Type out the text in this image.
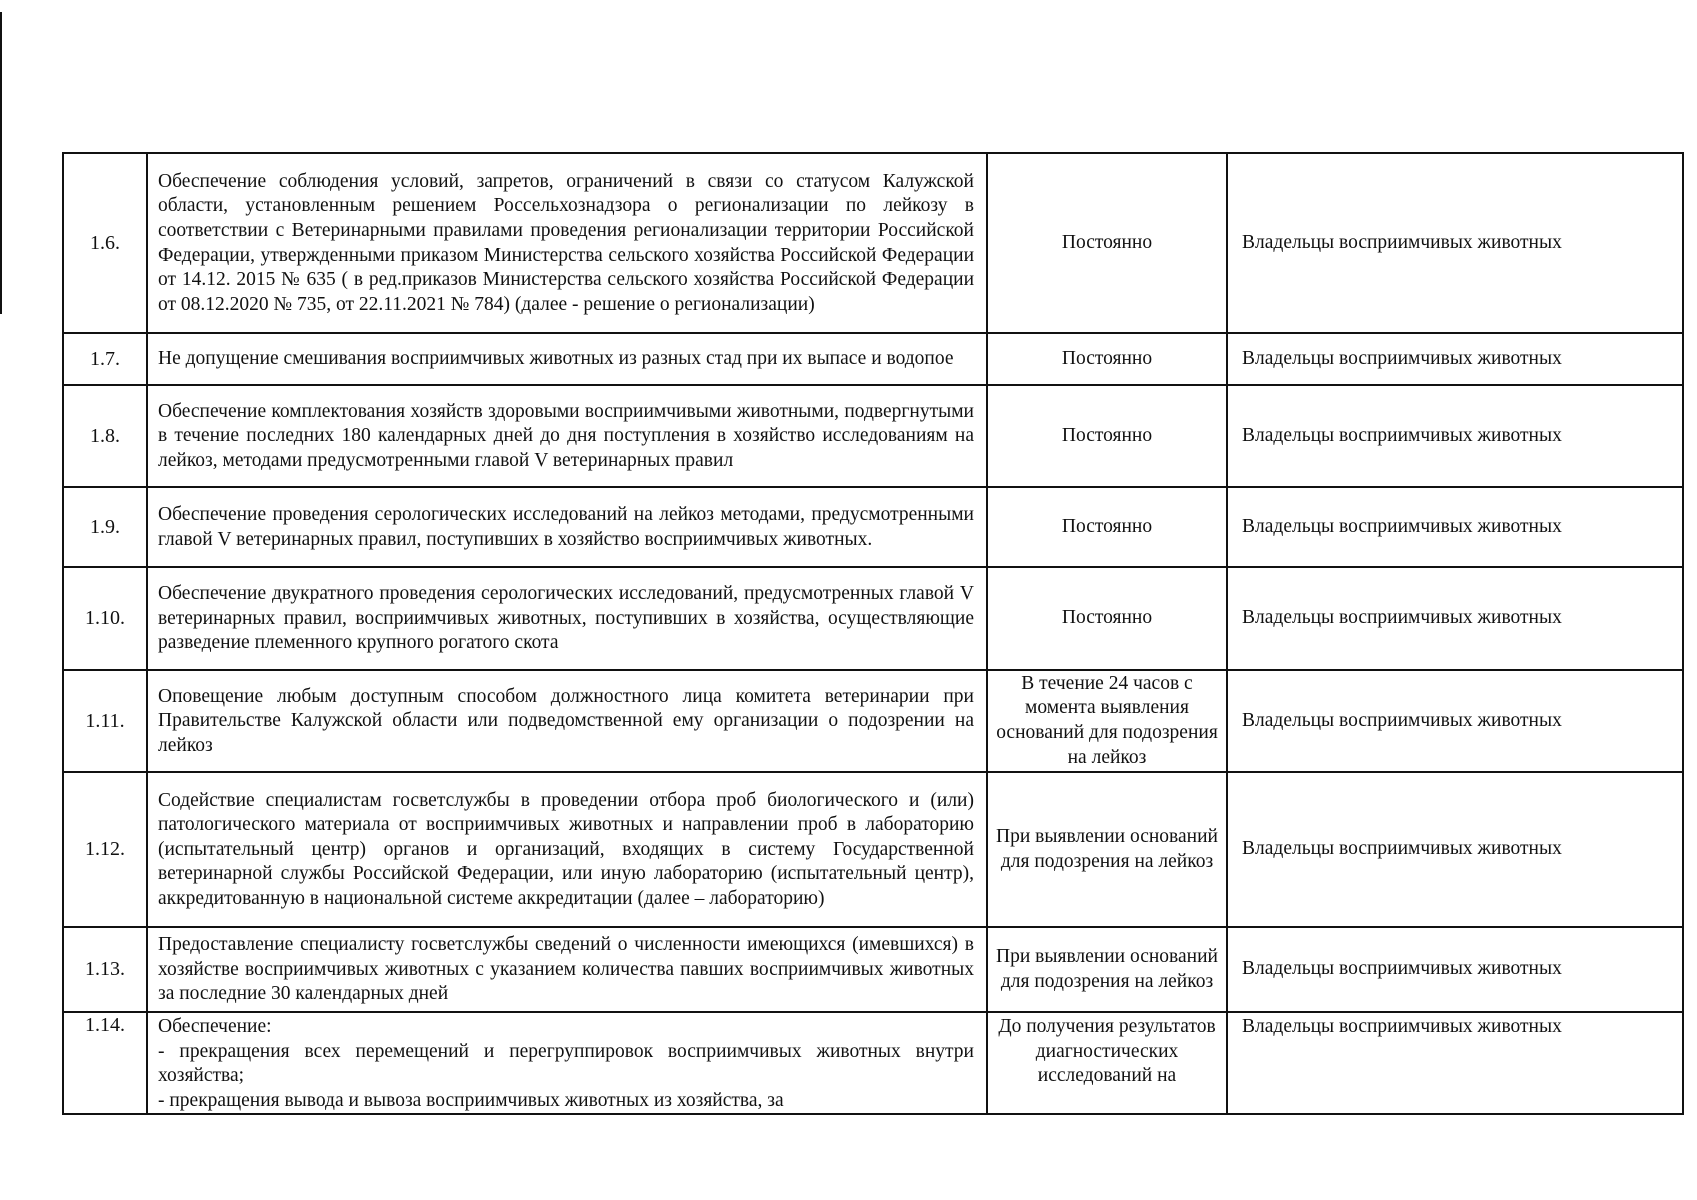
1.6.	Обеспечение соблюдения условий, запретов, ограничений в связи со статусом Калужской области, установленным решением Россельхознадзора о регионализации по лейкозу в соответствии с Ветеринарными правилами проведения регионализации территории Российской Федерации, утвержденными приказом Министерства сельского хозяйства Российской Федерации от 14.12. 2015 № 635 ( в ред.приказов Министерства сельского хозяйства Российской Федерации от 08.12.2020 № 735, от 22.11.2021 № 784) (далее - решение о регионализации)	Постоянно	Владельцы восприимчивых животных
1.7.	Не допущение смешивания восприимчивых животных из разных стад при их выпасе и водопое	Постоянно	Владельцы восприимчивых животных
1.8.	Обеспечение комплектования хозяйств здоровыми восприимчивыми животными, подвергнутыми в течение последних 180 календарных дней до дня поступления в хозяйство исследованиям на лейкоз, методами предусмотренными главой V ветеринарных правил	Постоянно	Владельцы восприимчивых животных
1.9.	Обеспечение проведения серологических исследований на лейкоз методами, предусмотренными главой V ветеринарных правил, поступивших в хозяйство восприимчивых животных.	Постоянно	Владельцы восприимчивых животных
1.10.	Обеспечение двукратного проведения серологических исследований, предусмотренных главой V ветеринарных правил, восприимчивых животных, поступивших в хозяйства, осуществляющие разведение племенного крупного рогатого скота	Постоянно	Владельцы восприимчивых животных
1.11.	Оповещение любым доступным способом должностного лица комитета ветеринарии при Правительстве Калужской области или подведомственной ему организации о подозрении на лейкоз	В течение 24 часов с момента выявления оснований для подозрения на лейкоз	Владельцы восприимчивых животных
1.12.	Содействие специалистам госветслужбы в проведении отбора проб биологического и (или) патологического материала от восприимчивых животных и направлении проб в лабораторию (испытательный центр) органов и организаций, входящих в систему Государственной ветеринарной службы Российской Федерации, или иную лабораторию (испытательный центр), аккредитованную в национальной системе аккредитации (далее – лабораторию)	При выявлении оснований для подозрения на лейкоз	Владельцы восприимчивых животных
1.13.	Предоставление специалисту госветслужбы сведений о численности имеющихся (имевшихся) в хозяйстве восприимчивых животных с указанием количества павших восприимчивых животных за последние 30 календарных дней	При выявлении оснований для подозрения на лейкоз	Владельцы восприимчивых животных
1.14.	Обеспечение:
- прекращения всех перемещений и перегруппировок восприимчивых животных внутри хозяйства;
- прекращения вывода и вывоза восприимчивых животных из хозяйства, за	До получения результатов диагностических исследований на	Владельцы восприимчивых животных
